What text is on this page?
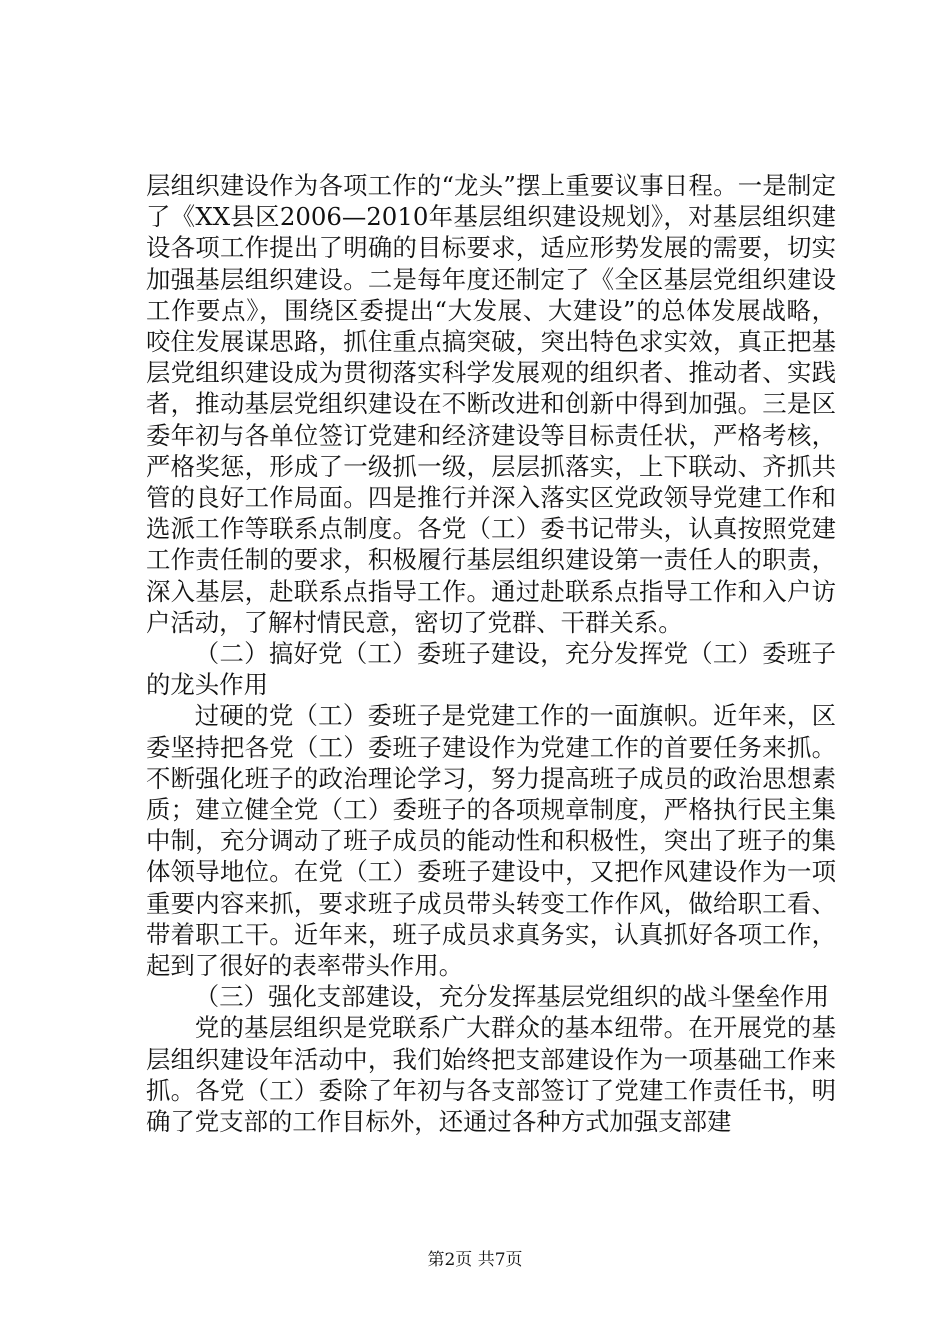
层组织建设作为各项工作的“龙头”摆上重要议事日程。一是制定了《XX县区2006—2010年基层组织建设规划》，对基层组织建设各项工作提出了明确的目标要求，适应形势发展的需要，切实加强基层组织建设。二是每年度还制定了《全区基层党组织建设工作要点》，围绕区委提出“大发展、大建设”的总体发展战略，咬住发展谋思路，抓住重点搞突破，突出特色求实效，真正把基层党组织建设成为贯彻落实科学发展观的组织者、推动者、实践者，推动基层党组织建设在不断改进和创新中得到加强。三是区委年初与各单位签订党建和经济建设等目标责任状，严格考核，严格奖惩，形成了一级抓一级，层层抓落实，上下联动、齐抓共管的良好工作局面。四是推行并深入落实区党政领导党建工作和选派工作等联系点制度。各党（工）委书记带头，认真按照党建工作责任制的要求，积极履行基层组织建设第一责任人的职责，深入基层，赴联系点指导工作。通过赴联系点指导工作和入户访户活动，了解村情民意，密切了党群、干群关系。

（二）搞好党（工）委班子建设，充分发挥党（工）委班子的龙头作用

过硬的党（工）委班子是党建工作的一面旗帜。近年来，区委坚持把各党（工）委班子建设作为党建工作的首要任务来抓。不断强化班子的政治理论学习，努力提高班子成员的政治思想素质；建立健全党（工）委班子的各项规章制度，严格执行民主集中制，充分调动了班子成员的能动性和积极性，突出了班子的集体领导地位。在党（工）委班子建设中，又把作风建设作为一项重要内容来抓，要求班子成员带头转变工作作风，做给职工看、带着职工干。近年来，班子成员求真务实，认真抓好各项工作，起到了很好的表率带头作用。

（三）强化支部建设，充分发挥基层党组织的战斗堡垒作用

党的基层组织是党联系广大群众的基本纽带。在开展党的基层组织建设年活动中，我们始终把支部建设作为一项基础工作来抓。各党（工）委除了年初与各支部签订了党建工作责任书，明确了党支部的工作目标外，还通过各种方式加强支部建

第2页 共7页
